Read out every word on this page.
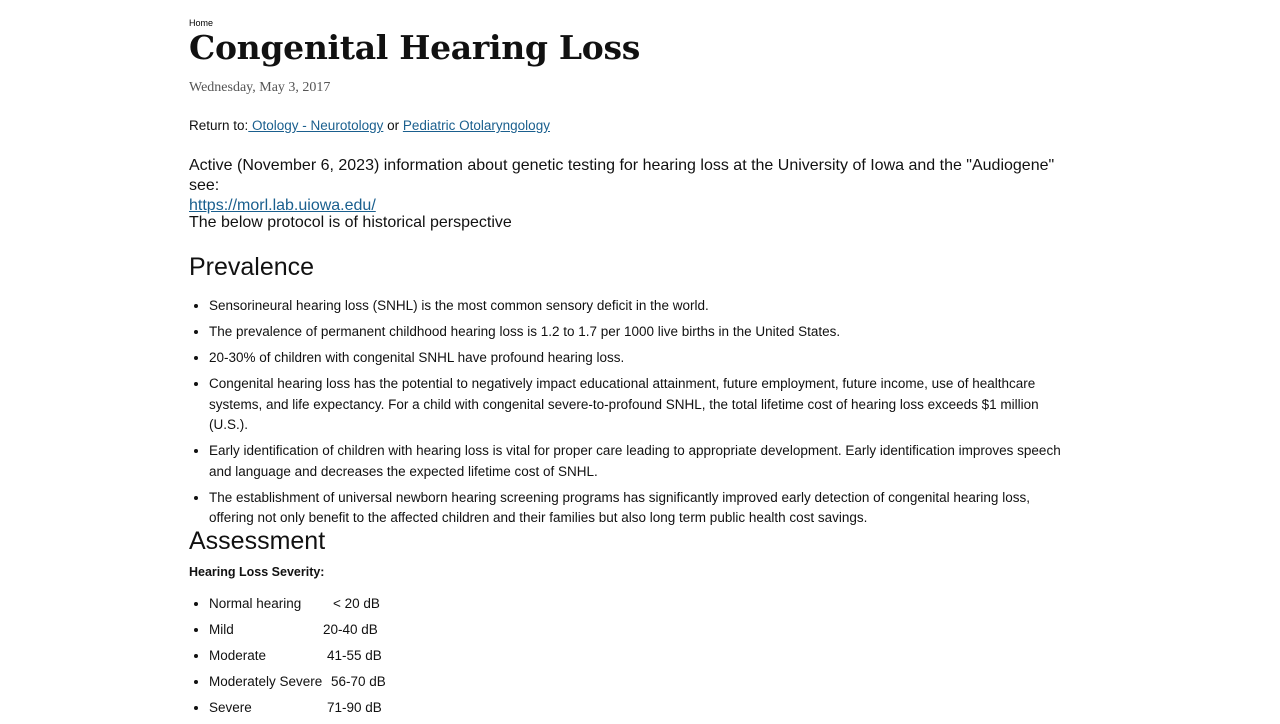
Home
Congenital Hearing Loss
Wednesday, May 3, 2017
Return to: Otology - Neurotology or Pediatric Otolaryngology
Active (November 6, 2023) information about genetic testing for hearing loss at the University of Iowa and the "Audiogene" see:
https://morl.lab.uiowa.edu/
The below protocol is of historical perspective
Prevalence
• Sensorineural hearing loss (SNHL) is the most common sensory deficit in the world.
• The prevalence of permanent childhood hearing loss is 1.2 to 1.7 per 1000 live births in the United States.
• 20-30% of children with congenital SNHL have profound hearing loss.
• Congenital hearing loss has the potential to negatively impact educational attainment, future employment, future income, use of healthcare systems, and life expectancy. For a child with congenital severe-to-profound SNHL, the total lifetime cost of hearing loss exceeds $1 million (U.S.).
• Early identification of children with hearing loss is vital for proper care leading to appropriate development. Early identification improves speech and language and decreases the expected lifetime cost of SNHL.
• The establishment of universal newborn hearing screening programs has significantly improved early detection of congenital hearing loss, offering not only benefit to the affected children and their families but also long term public health cost savings.
Assessment
Hearing Loss Severity:
• Normal hearing < 20 dB
• Mild	20-40 dB
• Moderate	41-55 dB
• Moderately Severe 56-70 dB
• Severe	71-90 dB
